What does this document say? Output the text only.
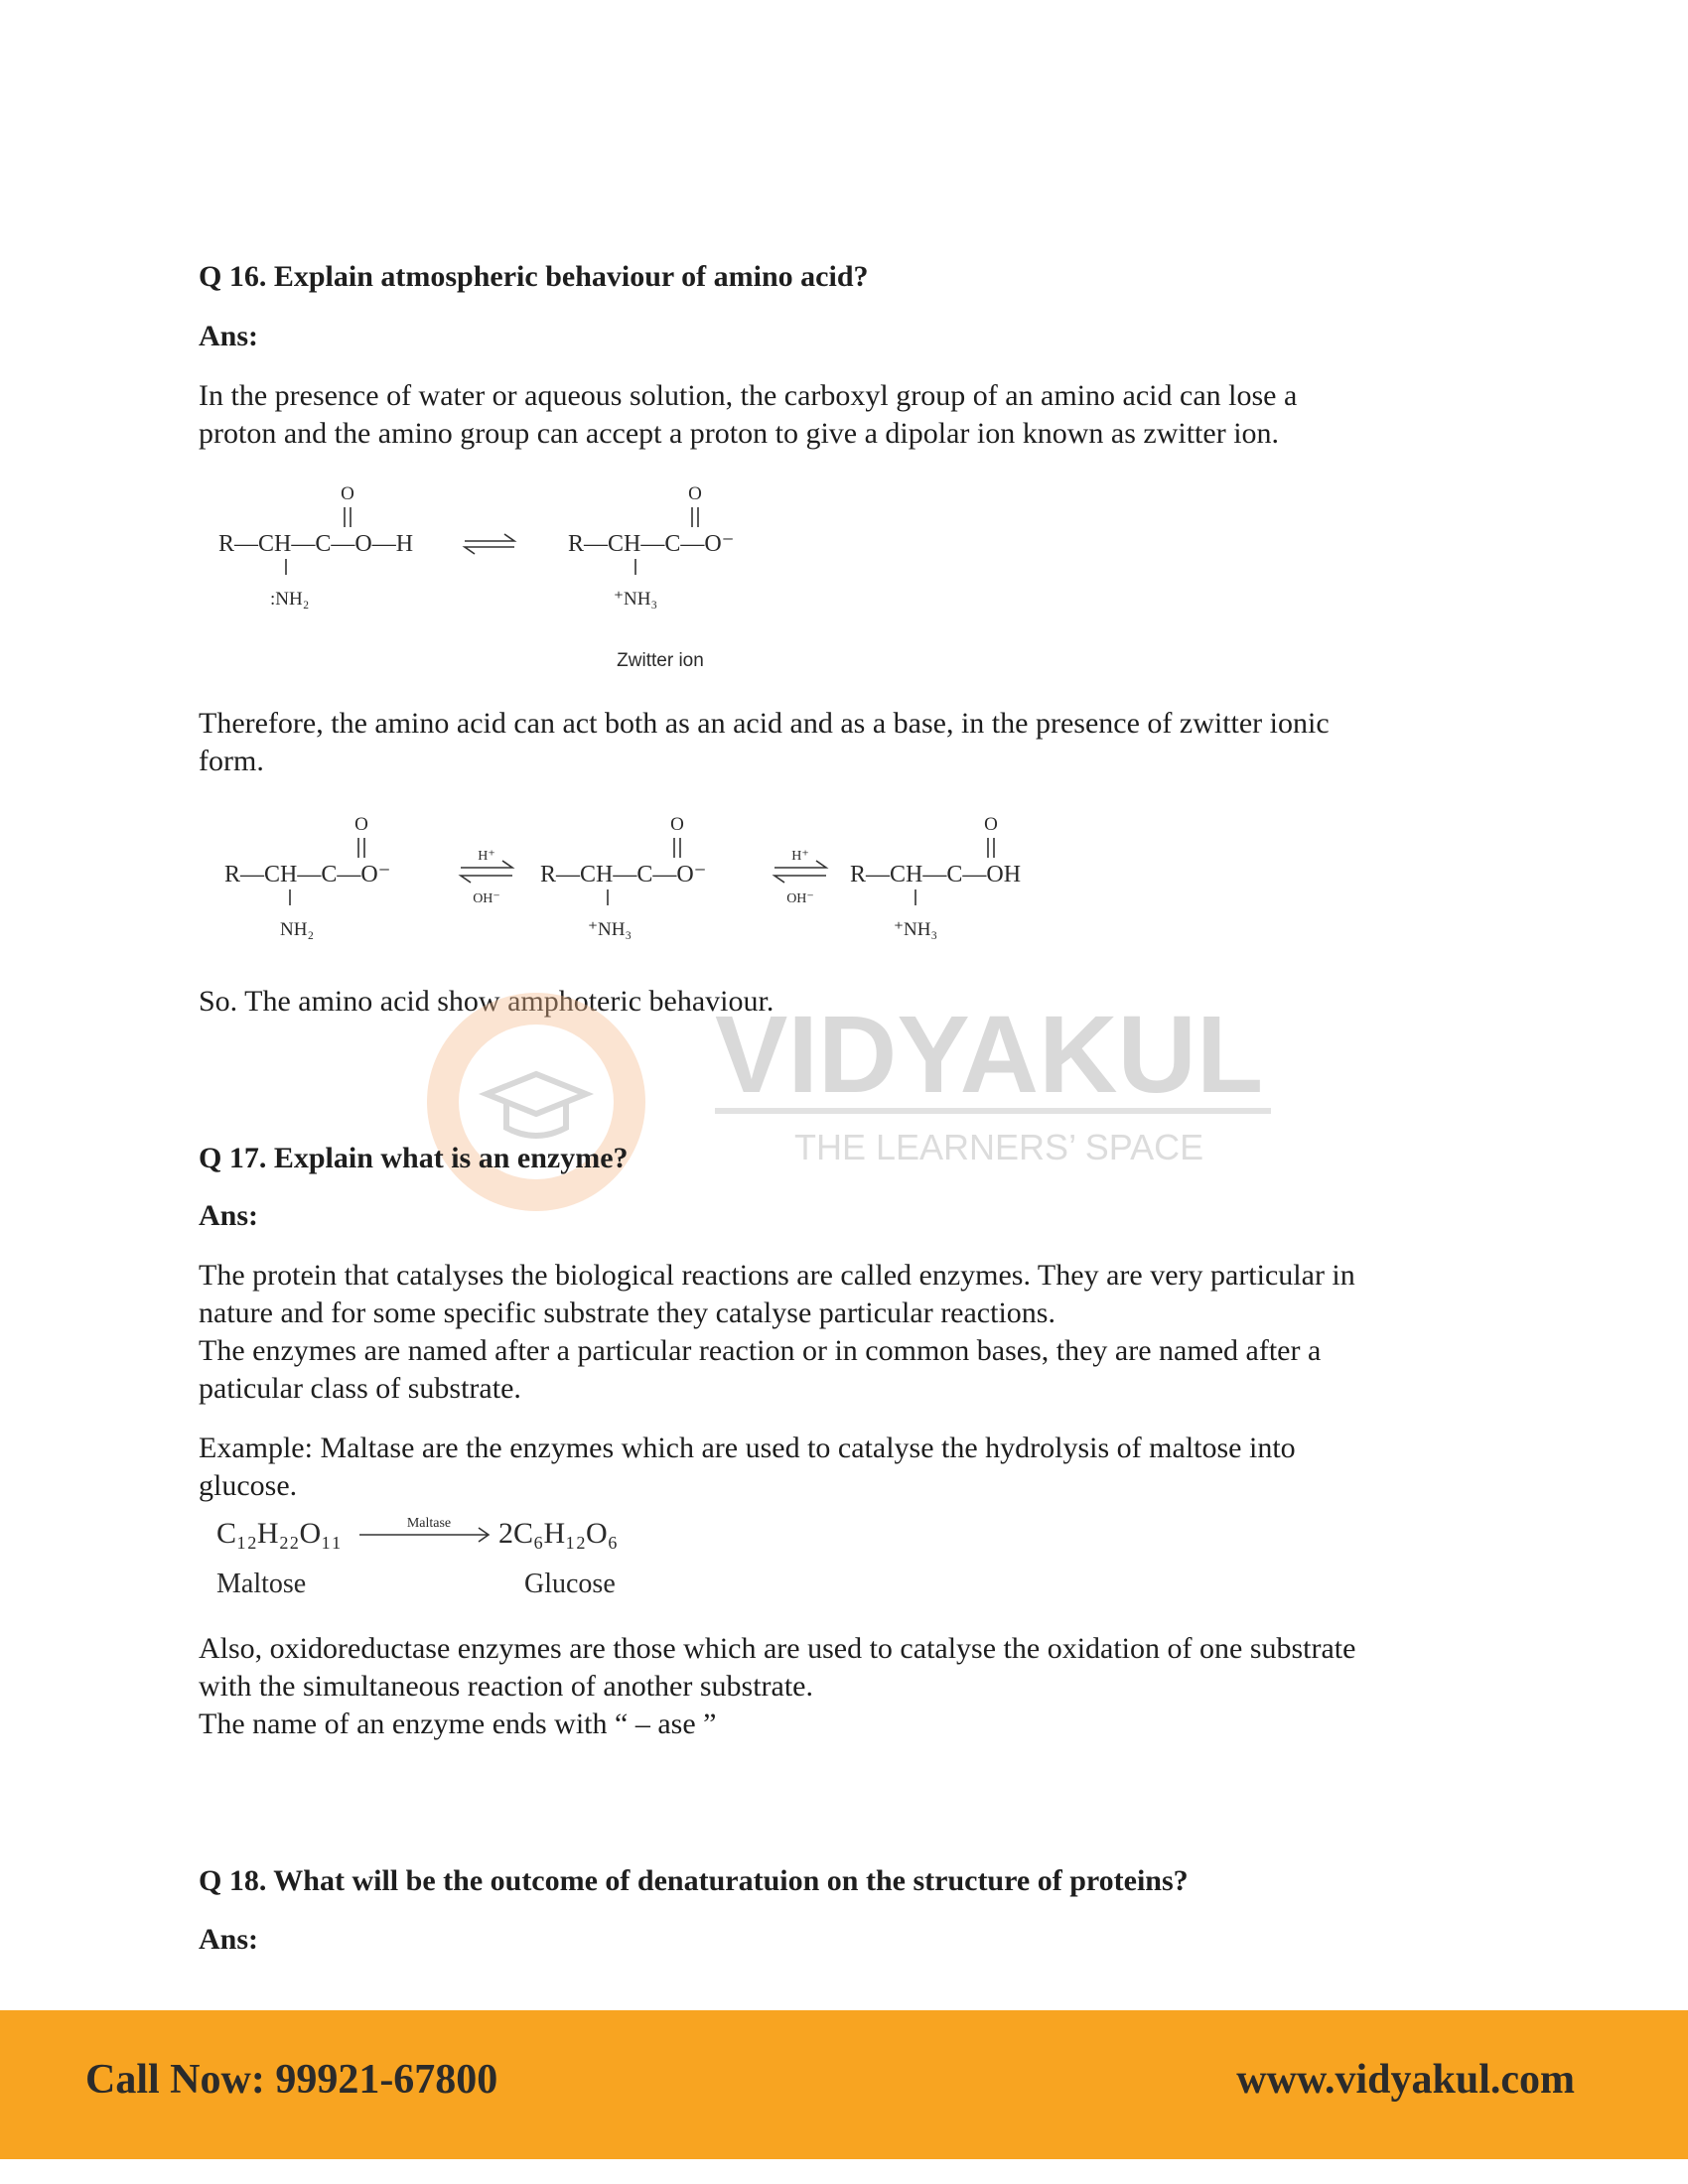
Q 16. Explain atmospheric behaviour of amino acid?

Ans:

In the presence of water or aqueous solution, the carboxyl group of an amino acid can lose a
proton and the amino group can accept a proton to give a dipolar ion known as zwitter ion.

O
R—CH—C—O—H
:NH₂
O
R—CH—C—O⁻
⁺NH₃
Zwitter ion

Therefore, the amino acid can act both as an acid and as a base, in the presence of zwitter ionic
form.

O
R—CH—C—O⁻
NH₂
H⁺
OH⁻
O
R—CH—C—O⁻
⁺NH₃
H⁺
OH⁻
O
R—CH—C—OH
⁺NH₃

So. The amino acid show amphoteric behaviour.

VIDYAKUL
THE LEARNERS’ SPACE

Q 17. Explain what is an enzyme?

Ans:

The protein that catalyses the biological reactions are called enzymes. They are very particular in
nature and for some specific substrate they catalyse particular reactions.
The enzymes are named after a particular reaction or in common bases, they are named after a
paticular class of substrate.

Example: Maltase are the enzymes which are used to catalyse the hydrolysis of maltose into
glucose.

C₁₂H₂₂O₁₁	Maltase 2C₆H₁₂O₆
Maltose	Glucose

Also, oxidoreductase enzymes are those which are used to catalyse the oxidation of one substrate
with the simultaneous reaction of another substrate.
The name of an enzyme ends with “ – ase ”

Q 18. What will be the outcome of denaturatuion on the structure of proteins?

Ans:

Call Now: 99921-67800	www.vidyakul.com
